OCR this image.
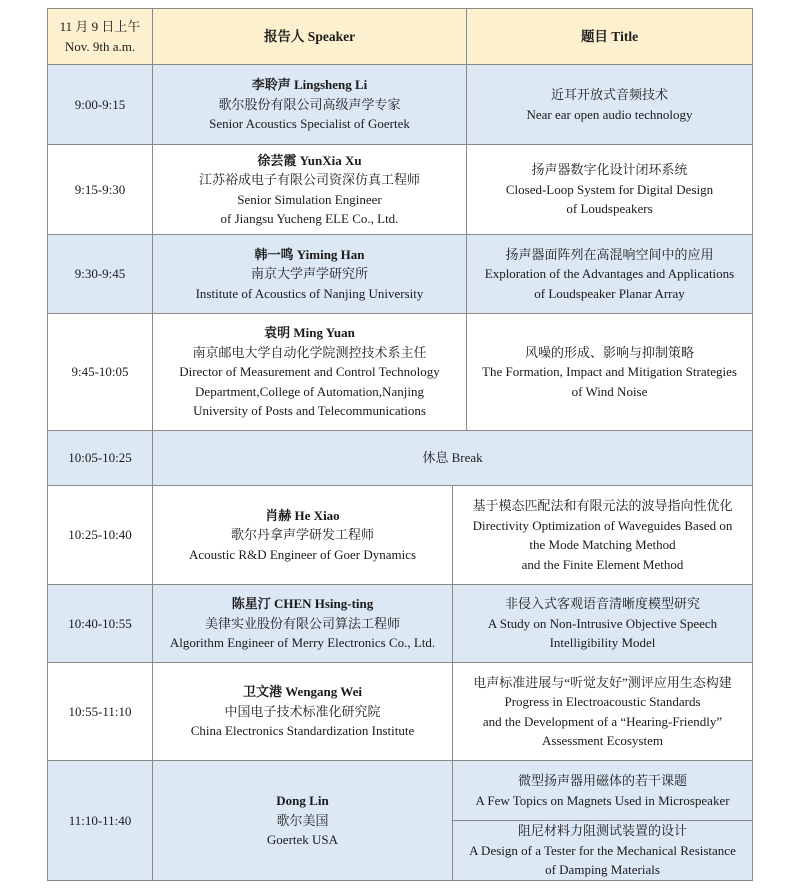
11 月 9 日上午
Nov. 9th a.m.
报告人 Speaker	题目 Title
9:00-9:15
李聆声 Lingsheng Li
歌尔股份有限公司高级声学专家
Senior Acoustics Specialist of Goertek
近耳开放式音频技术
Near ear open audio technology
9:15-9:30
徐芸霞 YunXia Xu
江苏裕成电子有限公司资深仿真工程师
Senior Simulation Engineer
of Jiangsu Yucheng ELE Co., Ltd.
扬声器数字化设计闭环系统
Closed-Loop System for Digital Design
of Loudspeakers
9:30-9:45
韩一鸣 Yiming Han
南京大学声学研究所
Institute of Acoustics of Nanjing University
扬声器面阵列在高混响空间中的应用
Exploration of the Advantages and Applications
of Loudspeaker Planar Array
9:45-10:05
袁明 Ming Yuan
南京邮电大学自动化学院测控技术系主任
Director of Measurement and Control Technology
Department,College of Automation,Nanjing
University of Posts and Telecommunications
风噪的形成、影响与抑制策略
The Formation, Impact and Mitigation Strategies
of Wind Noise
10:05-10:25	休息 Break
10:25-10:40
肖赫 He Xiao
歌尔丹拿声学研发工程师
Acoustic R&D Engineer of Goer Dynamics
基于模态匹配法和有限元法的波导指向性优化
Directivity Optimization of Waveguides Based on
the Mode Matching Method
and the Finite Element Method
10:40-10:55
陈星汀 CHEN Hsing-ting
美律实业股份有限公司算法工程师
Algorithm Engineer of Merry Electronics Co., Ltd.
非侵入式客观语音清晰度模型研究
A Study on Non-Intrusive Objective Speech
Intelligibility Model
10:55-11:10
卫文港 Wengang Wei
中国电子技术标准化研究院
China Electronics Standardization Institute
电声标准进展与“听觉友好”测评应用生态构建
Progress in Electroacoustic Standards
and the Development of a “Hearing-Friendly”
Assessment Ecosystem
11:10-11:40
Dong Lin
歌尔美国
Goertek USA
微型扬声器用磁体的若干课题
A Few Topics on Magnets Used in Microspeaker
阻尼材料力阻测试装置的设计
A Design of a Tester for the Mechanical Resistance
of Damping Materials
